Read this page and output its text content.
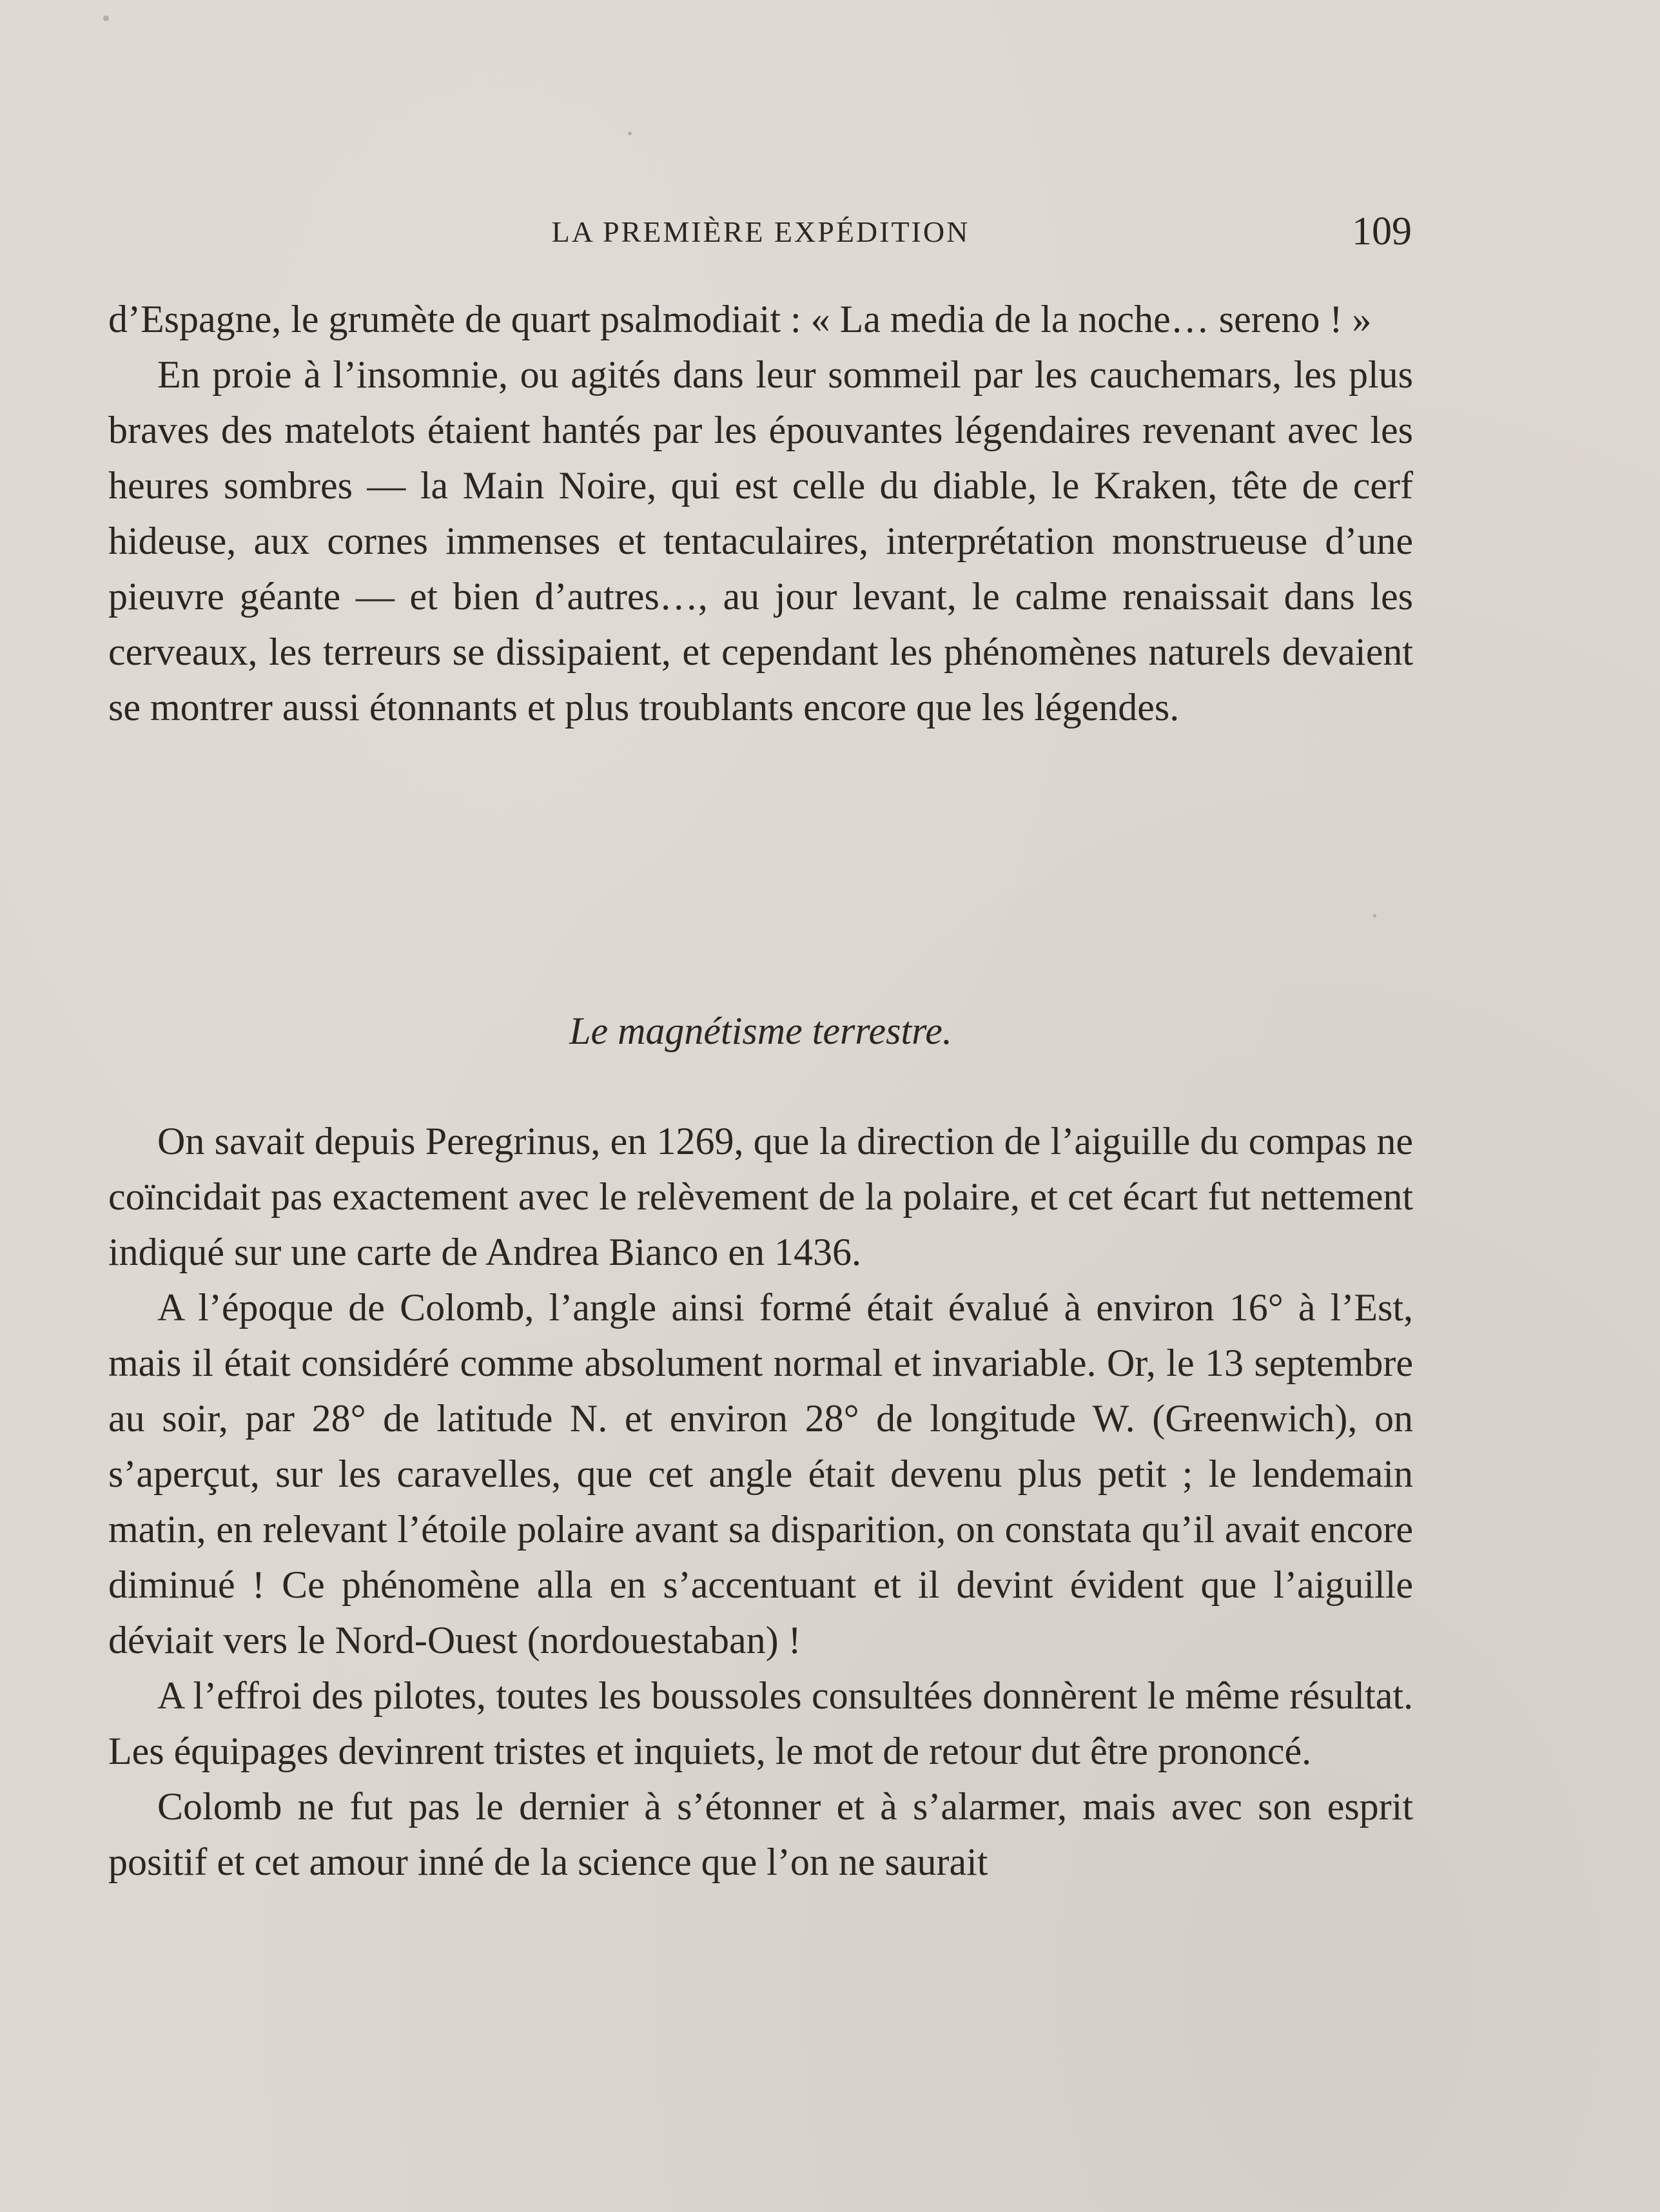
LA PREMIÈRE EXPÉDITION	109

d’Espagne, le grumète de quart psalmodiait : « La media de la noche… sereno ! »

En proie à l’insomnie, ou agités dans leur sommeil par les cauchemars, les plus braves des matelots étaient hantés par les épouvantes légendaires revenant avec les heures sombres — la Main Noire, qui est celle du diable, le Kraken, tête de cerf hideuse, aux cornes immenses et tentaculaires, interprétation monstrueuse d’une pieuvre géante — et bien d’autres…, au jour levant, le calme renaissait dans les cerveaux, les terreurs se dissipaient, et cependant les phénomènes naturels devaient se montrer aussi étonnants et plus troublants encore que les légendes.

Le magnétisme terrestre.

On savait depuis Peregrinus, en 1269, que la direction de l’aiguille du compas ne coïncidait pas exactement avec le relèvement de la polaire, et cet écart fut nettement indiqué sur une carte de Andrea Bianco en 1436.

A l’époque de Colomb, l’angle ainsi formé était évalué à environ 16° à l’Est, mais il était considéré comme absolument normal et invariable. Or, le 13 septembre au soir, par 28° de latitude N. et environ 28° de longitude W. (Greenwich), on s’aperçut, sur les caravelles, que cet angle était devenu plus petit ; le lendemain matin, en relevant l’étoile polaire avant sa disparition, on constata qu’il avait encore diminué ! Ce phénomène alla en s’accentuant et il devint évident que l’aiguille déviait vers le Nord-Ouest (nordouestaban) !

A l’effroi des pilotes, toutes les boussoles consultées donnèrent le même résultat. Les équipages devinrent tristes et inquiets, le mot de retour dut être prononcé.

Colomb ne fut pas le dernier à s’étonner et à s’alarmer, mais avec son esprit positif et cet amour inné de la science que l’on ne saurait
